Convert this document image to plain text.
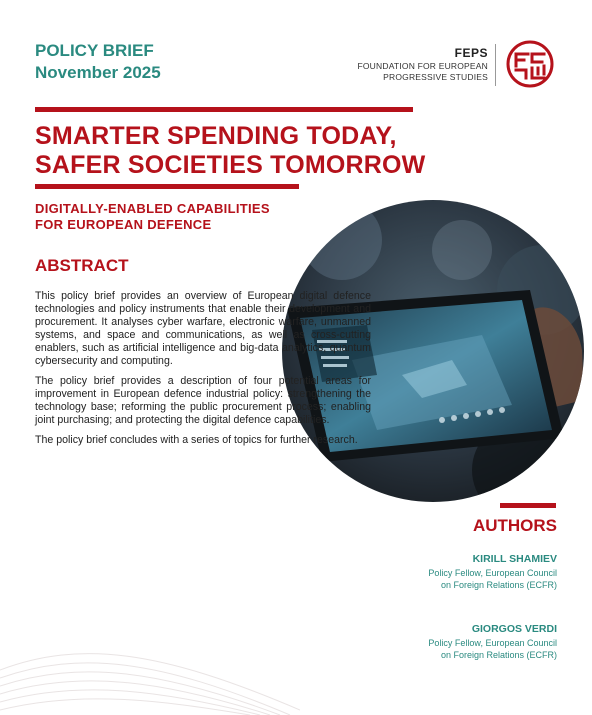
POLICY BRIEF
November 2025
FEPS
FOUNDATION FOR EUROPEAN
PROGRESSIVE STUDIES
SMARTER SPENDING TODAY,
SAFER SOCIETIES TOMORROW
DIGITALLY-ENABLED CAPABILITIES
FOR EUROPEAN DEFENCE
ABSTRACT

This policy brief provides an overview of European digital defence technologies and policy instruments that enable their development and procurement. It analyses cyber warfare, electronic warfare, unmanned systems, and space and communications, as well as cross-cutting enablers, such as artificial intelligence and big-data analytics, quantum cybersecurity and computing.

The policy brief provides a description of four potential areas for improvement in European defence industrial policy: strengthening the technology base; reforming the public procurement process; enabling joint purchasing; and protecting the digital defence capabilities.

The policy brief concludes with a series of topics for further research.

AUTHORS
KIRILL SHAMIEV
Policy Fellow, European Council
on Foreign Relations (ECFR)
GIORGOS VERDI
Policy Fellow, European Council
on Foreign Relations (ECFR)
